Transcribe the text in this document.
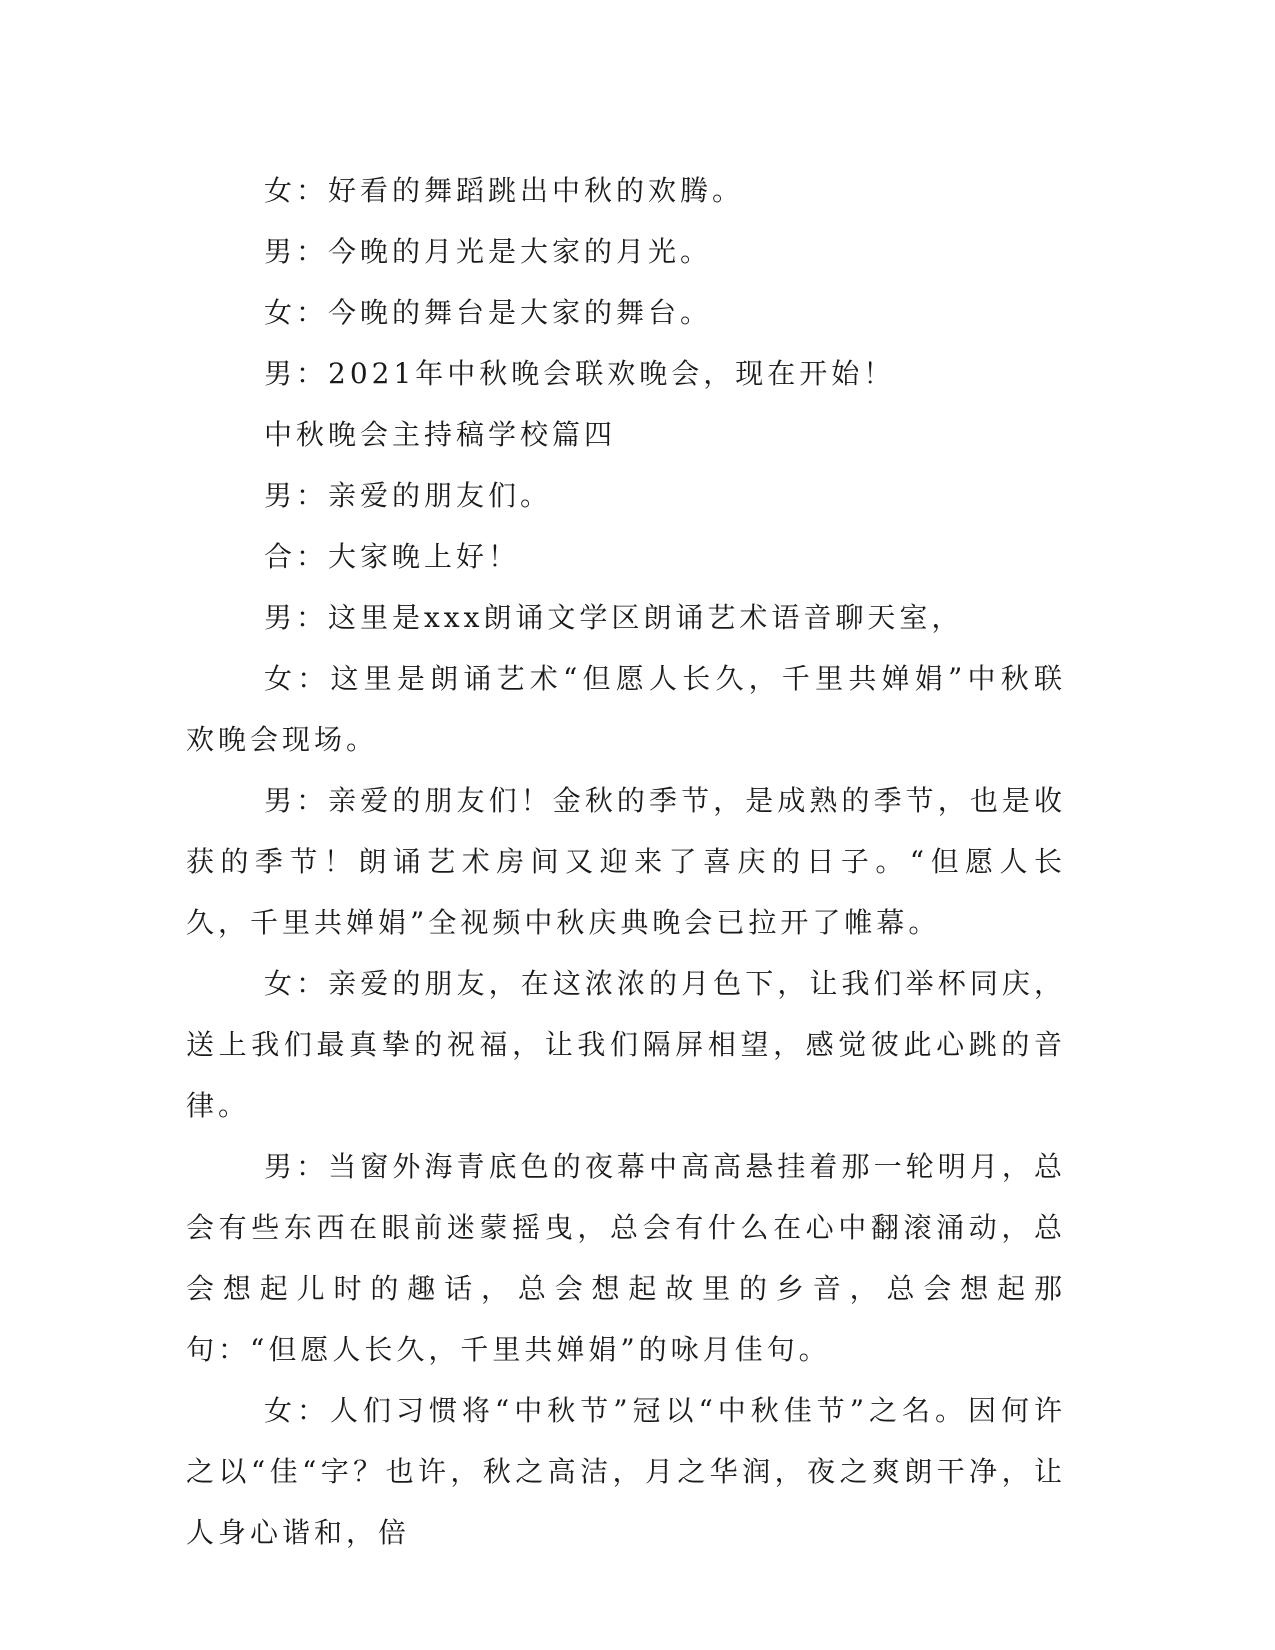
女：好看的舞蹈跳出中秋的欢腾。

男：今晚的月光是大家的月光。

女：今晚的舞台是大家的舞台。

男：2021年中秋晚会联欢晚会，现在开始！

中秋晚会主持稿学校篇四

男：亲爱的朋友们。

合：大家晚上好！

男：这里是xxx朗诵文学区朗诵艺术语音聊天室，

女：这里是朗诵艺术“但愿人长久，千里共婵娟”中秋联欢晚会现场。

男：亲爱的朋友们！金秋的季节，是成熟的季节，也是收获的季节！朗诵艺术房间又迎来了喜庆的日子。“但愿人长久，千里共婵娟”全视频中秋庆典晚会已拉开了帷幕。

女：亲爱的朋友，在这浓浓的月色下，让我们举杯同庆，送上我们最真挚的祝福，让我们隔屏相望，感觉彼此心跳的音律。

男：当窗外海青底色的夜幕中高高悬挂着那一轮明月，总会有些东西在眼前迷蒙摇曳，总会有什么在心中翻滚涌动，总会想起儿时的趣话，总会想起故里的乡音，总会想起那句：“但愿人长久，千里共婵娟”的咏月佳句。

女：人们习惯将“中秋节”冠以“中秋佳节”之名。因何许之以“佳“字？也许，秋之高洁，月之华润，夜之爽朗干净，让人身心谐和，倍
